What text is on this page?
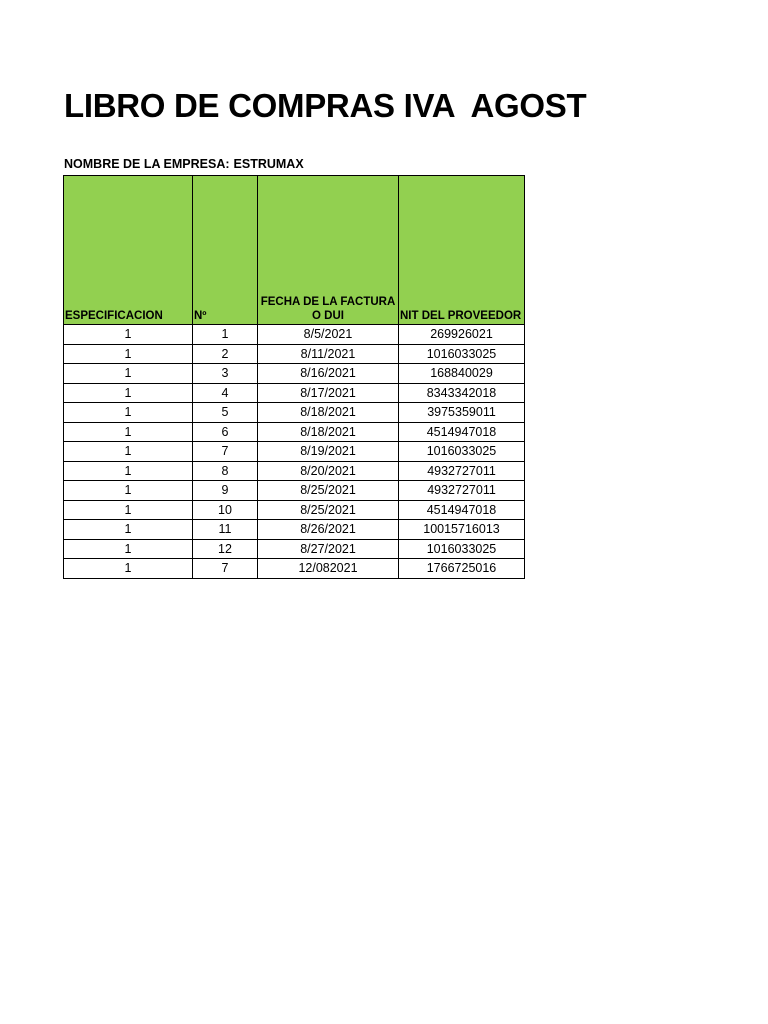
LIBRO DE COMPRAS IVA  AGOST
NOMBRE DE LA EMPRESA: ESTRUMAX
ESPECIFICACION	Nº	FECHA DE LA FACTURA O DUI	NIT DEL PROVEEDOR

1	1	8/5/2021	269926021
1	2	8/11/2021	1016033025
1	3	8/16/2021	168840029
1	4	8/17/2021	8343342018
1	5	8/18/2021	3975359011
1	6	8/18/2021	4514947018
1	7	8/19/2021	1016033025
1	8	8/20/2021	4932727011
1	9	8/25/2021	4932727011
1	10	8/25/2021	4514947018
1	11	8/26/2021	10015716013
1	12	8/27/2021	1016033025
1	7	12/082021	1766725016
